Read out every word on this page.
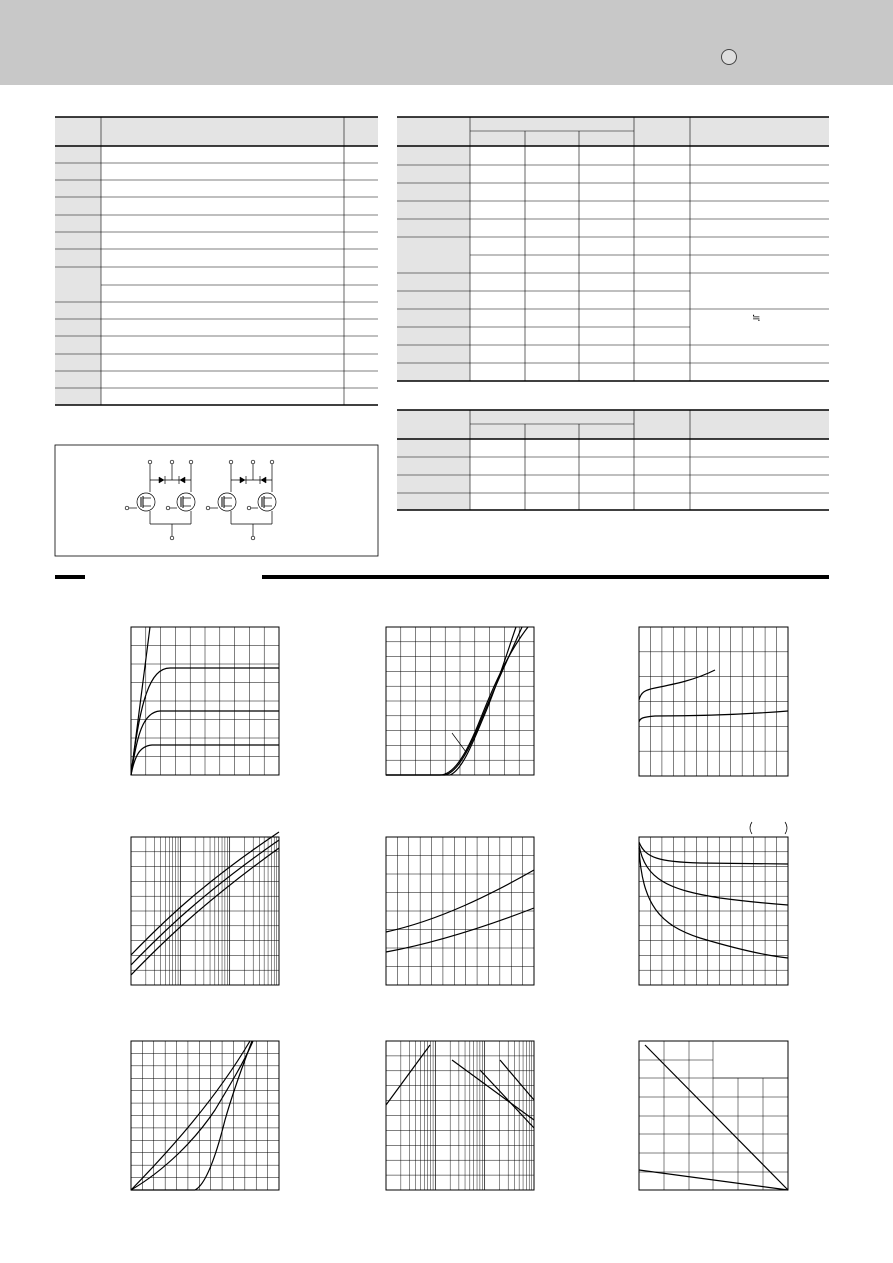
≒
